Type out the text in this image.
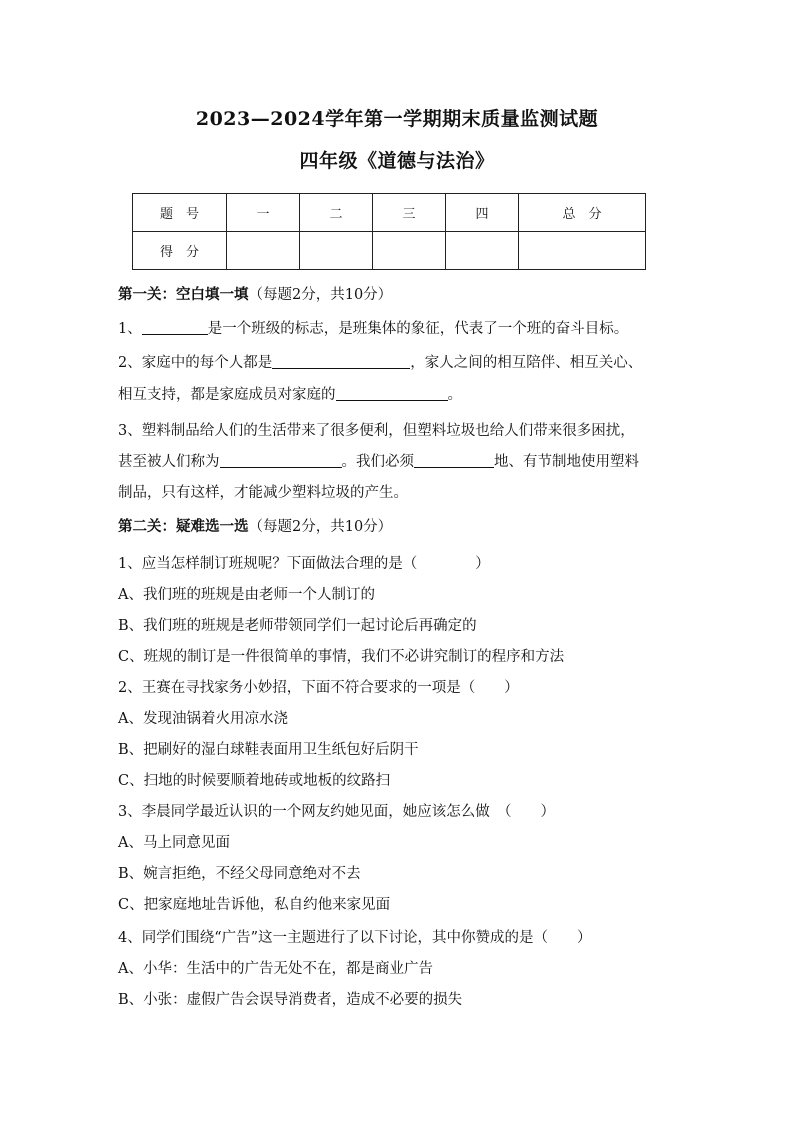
2023—2024学年第一学期期末质量监测试题
四年级《道德与法治》
题　号	一	二	三	四	总　分
得　分					
第一关：空白填一填（每题2分，共10分）
1、	是一个班级的标志，是班集体的象征，代表了一个班的奋斗目标。
2、家庭中的每个人都是	，家人之间的相互陪伴、相互关心、
相互支持，都是家庭成员对家庭的	。
3、塑料制品给人们的生活带来了很多便利，但塑料垃圾也给人们带来很多困扰，
甚至被人们称为	。我们必须	地、有节制地使用塑料
制品，只有这样，才能减少塑料垃圾的产生。
第二关：疑难选一选（每题2分，共10分）
1、应当怎样制订班规呢？下面做法合理的是（　　　　）
A、我们班的班规是由老师一个人制订的
B、我们班的班规是老师带领同学们一起讨论后再确定的
C、班规的制订是一件很简单的事情，我们不必讲究制订的程序和方法
2、王赛在寻找家务小妙招，下面不符合要求的一项是（　　）
A、发现油锅着火用凉水浇
B、把刷好的湿白球鞋表面用卫生纸包好后阴干
C、扫地的时候要顺着地砖或地板的纹路扫
3、李晨同学最近认识的一个网友约她见面，她应该怎么做　（　　）
A、马上同意见面
B、婉言拒绝，不经父母同意绝对不去
C、把家庭地址告诉他，私自约他来家见面
4、同学们围绕“广告”这一主题进行了以下讨论，其中你赞成的是（　　）
A、小华：生活中的广告无处不在，都是商业广告
B、小张：虚假广告会误导消费者，造成不必要的损失
